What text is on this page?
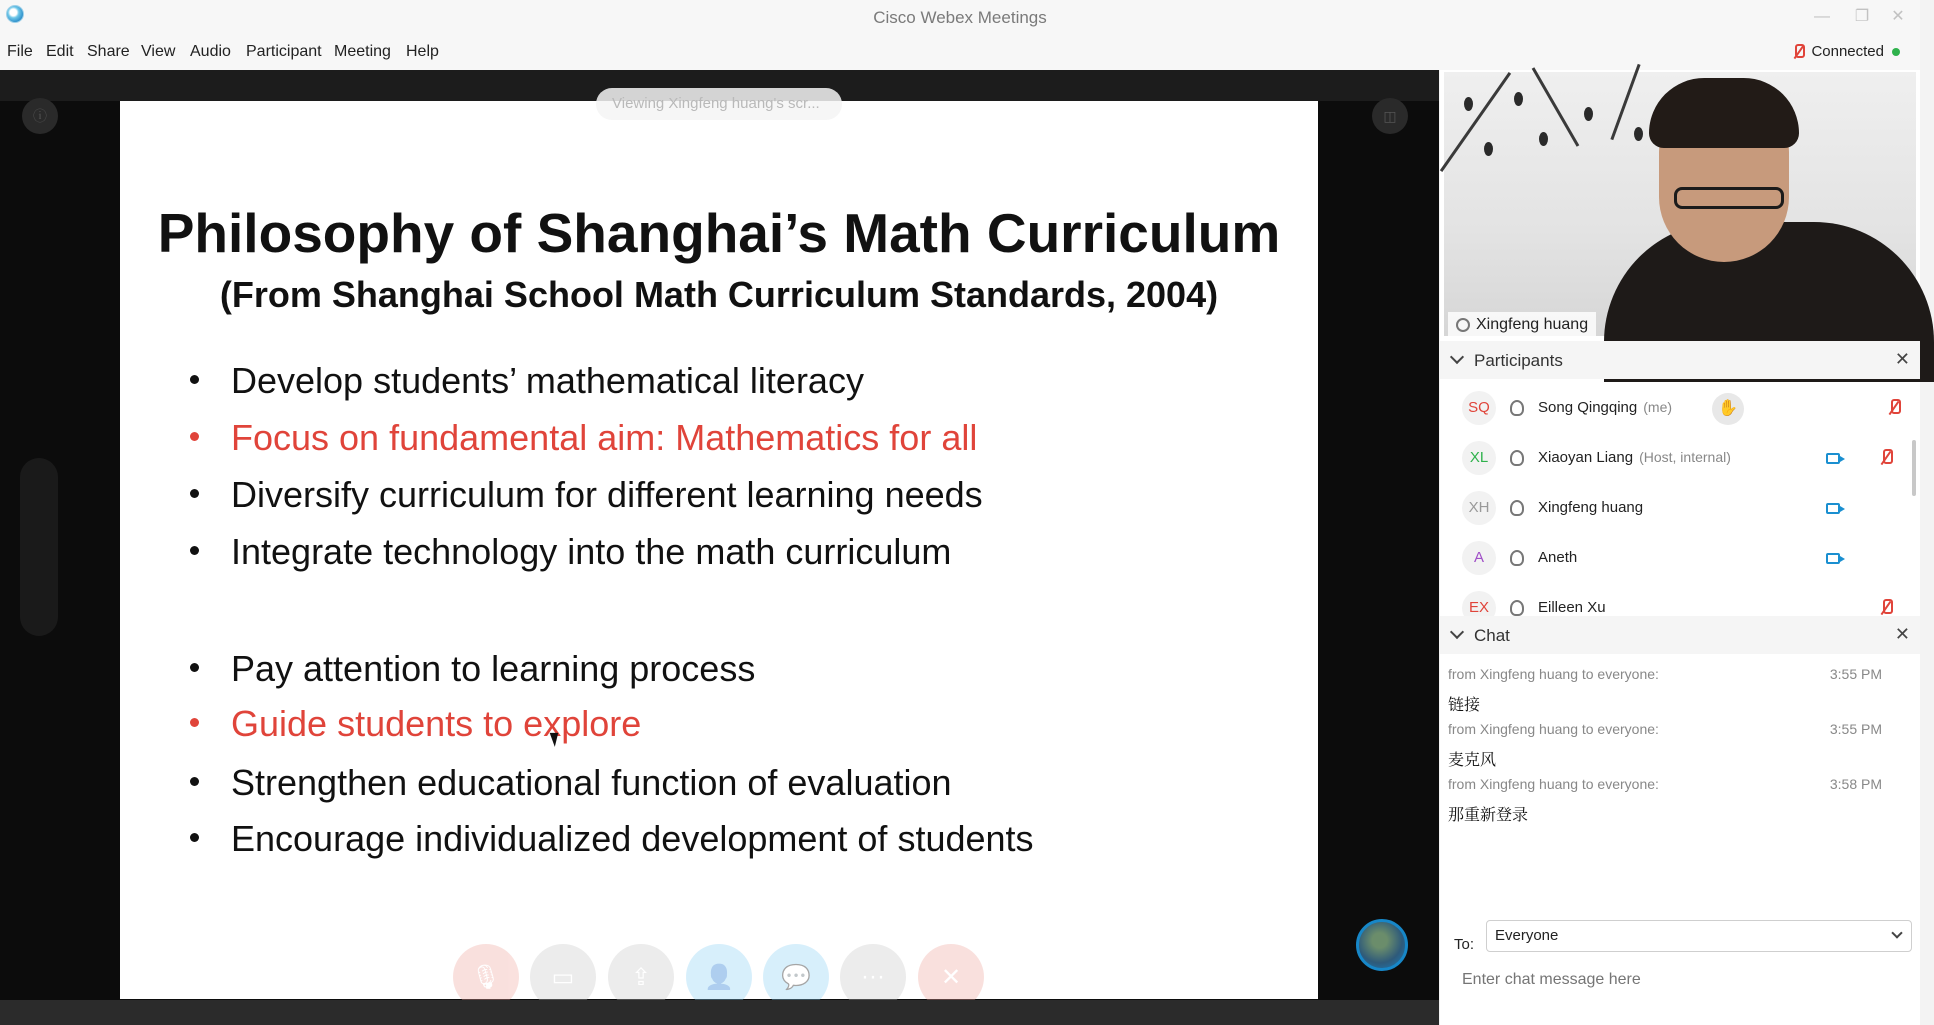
Cisco Webex Meetings	—	❐	✕
File Edit Share View Audio Participant Meeting Help	Connected
ⓘ	◫
Philosophy of Shanghai’s Math Curriculum
(From Shanghai School Math Curriculum Standards, 2004)
Develop students’ mathematical literacy
Focus on fundamental aim: Mathematics for all
Diversify curriculum for different learning needs
Integrate technology into the math curriculum
Pay attention to learning process
Guide students to explore
Strengthen educational function of evaluation
Encourage individualized development of students
Viewing Xingfeng huang's scr...
🎙	▭	⇪	👤	💬	···	✕
Xingfeng huang
Participants	✕
SQ	Song Qingqing (me)	✋
XL	Xiaoyan Liang (Host, internal)
XH	Xingfeng huang
A	Aneth
EX	Eilleen Xu
Chat	✕
from Xingfeng huang to everyone:	3:55 PM
链接
from Xingfeng huang to everyone:	3:55 PM
麦克风
from Xingfeng huang to everyone:	3:58 PM
那重新登录
To:
Everyone
Enter chat message here
